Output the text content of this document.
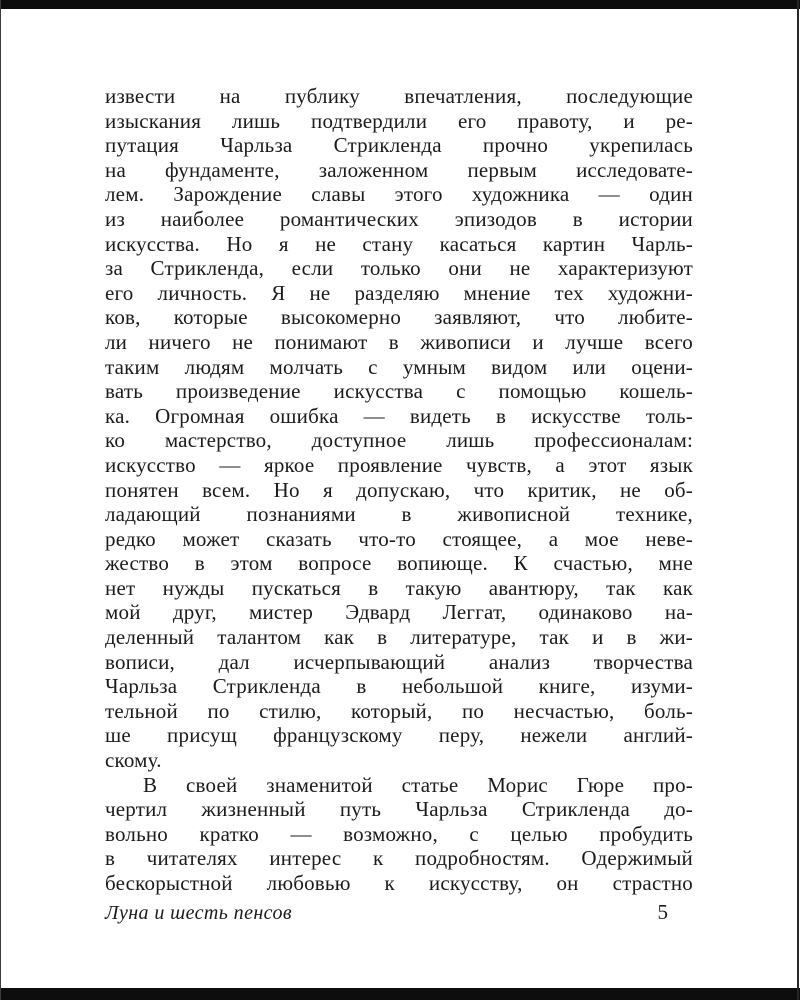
извести на публику впечатления, последующие
изыскания лишь подтвердили его правоту, и ре-
путация Чарльза Стрикленда прочно укрепилась
на фундаменте, заложенном первым исследовате-
лем. Зарождение славы этого художника — один
из наиболее романтических эпизодов в истории
искусства. Но я не стану касаться картин Чарль-
за Стрикленда, если только они не характеризуют
его личность. Я не разделяю мнение тех художни-
ков, которые высокомерно заявляют, что любите-
ли ничего не понимают в живописи и лучше всего
таким людям молчать с умным видом или оцени-
вать произведение искусства с помощью кошель-
ка. Огромная ошибка — видеть в искусстве толь-
ко мастерство, доступное лишь профессионалам:
искусство — яркое проявление чувств, а этот язык
понятен всем. Но я допускаю, что критик, не об-
ладающий познаниями в живописной технике,
редко может сказать что-то стоящее, а мое неве-
жество в этом вопросе вопиюще. К счастью, мне
нет нужды пускаться в такую авантюру, так как
мой друг, мистер Эдвард Леггат, одинаково на-
деленный талантом как в литературе, так и в жи-
вописи, дал исчерпывающий анализ творчества
Чарльза Стрикленда в небольшой книге, изуми-
тельной по стилю, который, по несчастью, боль-
ше присущ французскому перу, нежели англий-
скому.
В своей знаменитой статье Морис Гюре про-
чертил жизненный путь Чарльза Стрикленда до-
вольно кратко — возможно, с целью пробудить
в читателях интерес к подробностям. Одержимый
бескорыстной любовью к искусству, он страстно
Луна и шесть пенсов	5
